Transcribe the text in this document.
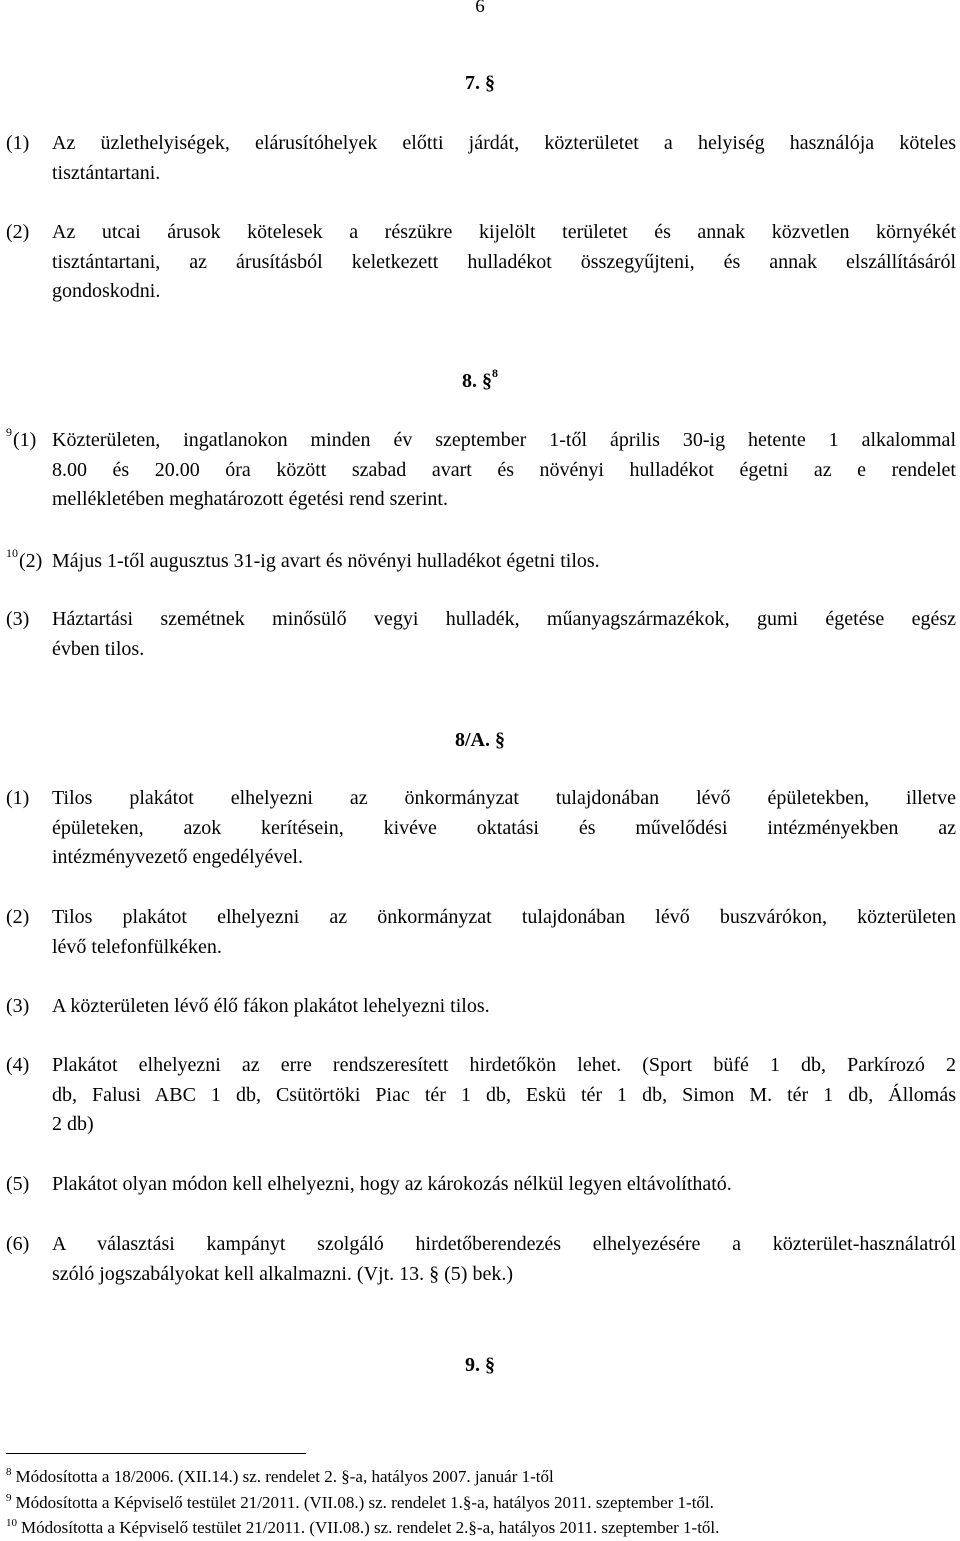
6
7. §
(1) Az üzlethelyiségek, elárusítóhelyek előtti járdát, közterületet a helyiség használója köteles
tisztántartani.
(2) Az utcai árusok kötelesek a részükre kijelölt területet és annak közvetlen környékét
tisztántartani, az árusításból keletkezett hulladékot összegyűjteni, és annak elszállításáról
gondoskodni.
8. §$^8$
$^9$(1) Közterületen, ingatlanokon minden év szeptember 1-től április 30-ig hetente 1 alkalommal
8.00 és 20.00 óra között szabad avart és növényi hulladékot égetni az e rendelet
mellékletében meghatározott égetési rend szerint.
$^{10}$(2) Május 1-től augusztus 31-ig avart és növényi hulladékot égetni tilos.
(3) Háztartási szemétnek minősülő vegyi hulladék, műanyagszármazékok, gumi égetése egész
évben tilos.
8/A. §
(1) Tilos plakátot elhelyezni az önkormányzat tulajdonában lévő épületekben, illetve
épületeken, azok kerítésein, kivéve oktatási és művelődési intézményekben az
intézményvezető engedélyével.
(2) Tilos plakátot elhelyezni az önkormányzat tulajdonában lévő buszvárókon, közterületen
lévő telefonfülkéken.
(3) A közterületen lévő élő fákon plakátot lehelyezni tilos.
(4) Plakátot elhelyezni az erre rendszeresített hirdetőkön lehet. (Sport büfé 1 db, Parkírozó 2
db, Falusi ABC 1 db, Csütörtöki Piac tér 1 db, Eskü tér 1 db, Simon M. tér 1 db, Állomás
2 db)
(5) Plakátot olyan módon kell elhelyezni, hogy az károkozás nélkül legyen eltávolítható.
(6) A választási kampányt szolgáló hirdetőberendezés elhelyezésére a közterület-használatról
szóló jogszabályokat kell alkalmazni. (Vjt. 13. § (5) bek.)
9. §
$^8$ Módosította a 18/2006. (XII.14.) sz. rendelet 2. §-a, hatályos 2007. január 1-től
$^9$ Módosította a Képviselő testület 21/2011. (VII.08.) sz. rendelet 1.§-a, hatályos 2011. szeptember 1-től.
$^{10}$ Módosította a Képviselő testület 21/2011. (VII.08.) sz. rendelet 2.§-a, hatályos 2011. szeptember 1-től.
